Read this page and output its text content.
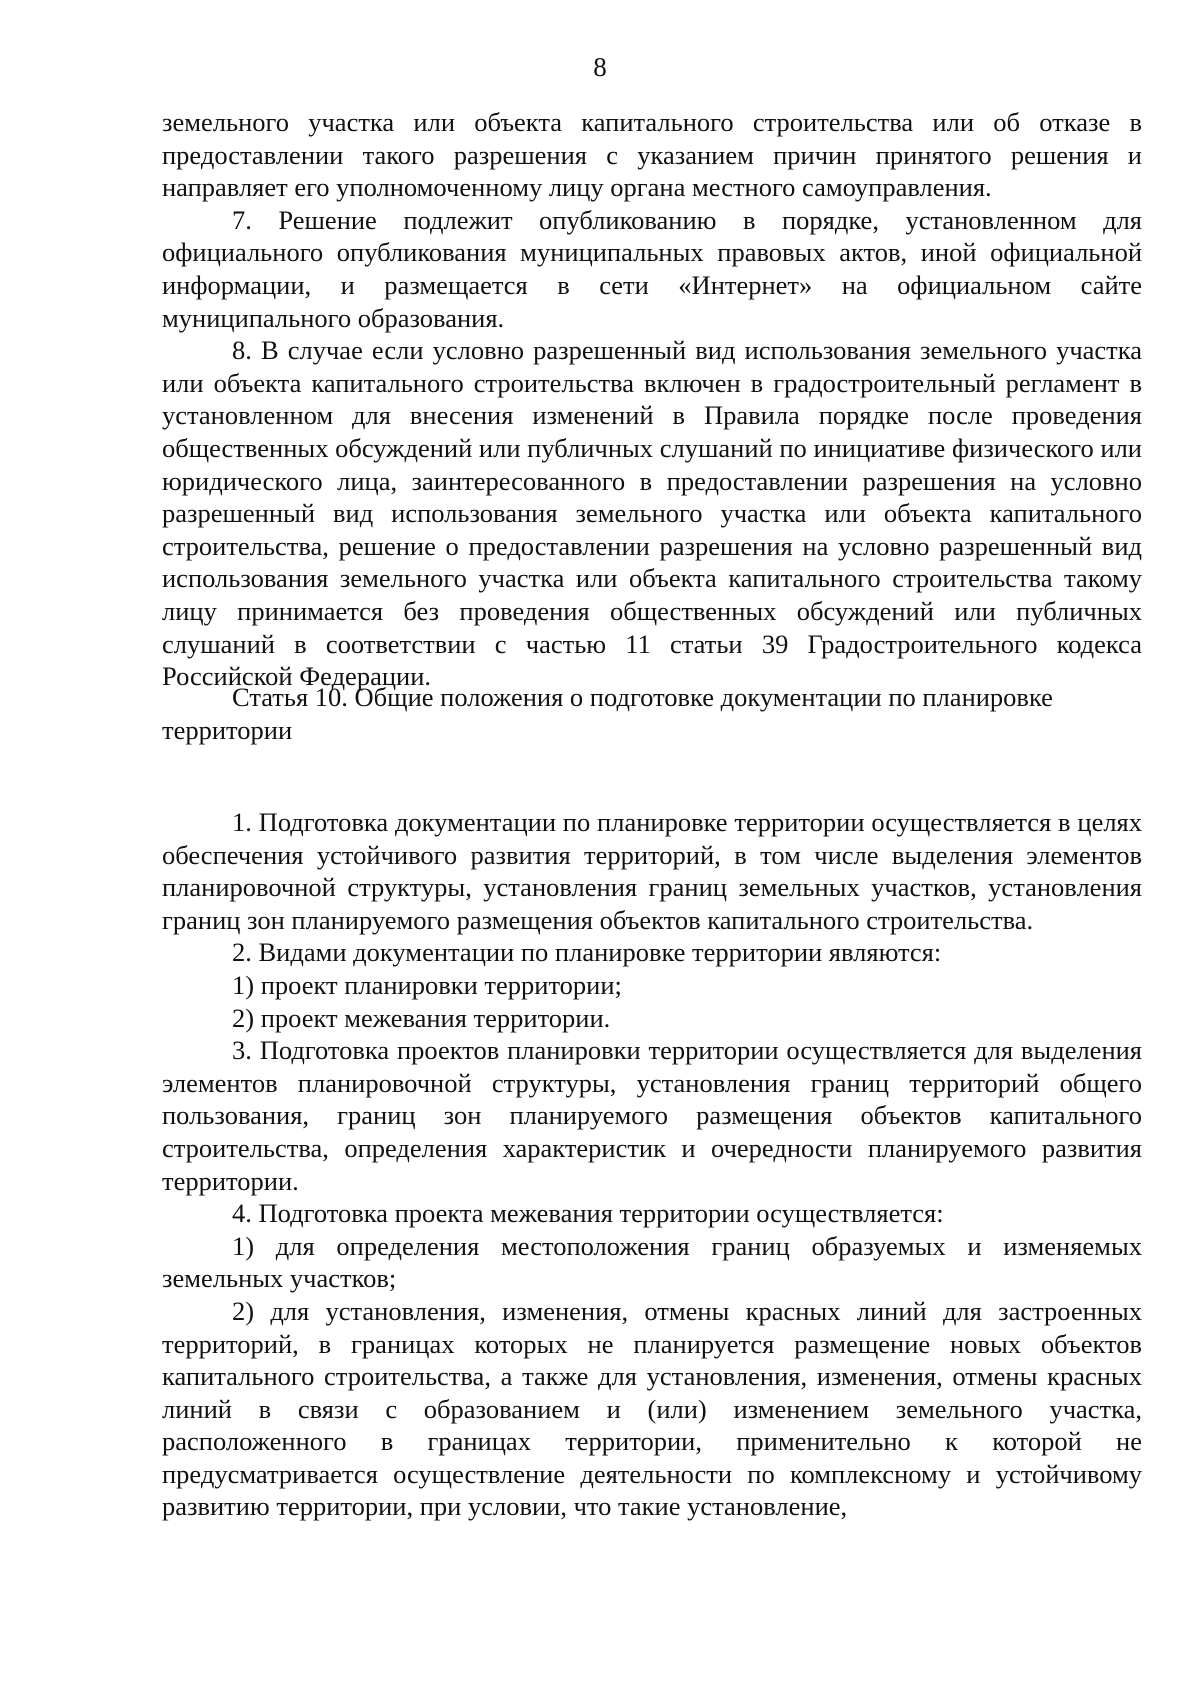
8

земельного участка или объекта капитального строительства или об отказе в предоставлении такого разрешения с указанием причин принятого решения и направляет его уполномоченному лицу органа местного самоуправления.

7. Решение подлежит опубликованию в порядке, установленном для официального опубликования муниципальных правовых актов, иной официальной информации, и размещается в сети «Интернет» на официальном сайте муниципального образования.

8. В случае если условно разрешенный вид использования земельного участка или объекта капитального строительства включен в градостроительный регламент в установленном для внесения изменений в Правила порядке после проведения общественных обсуждений или публичных слушаний по инициативе физического или юридического лица, заинтересованного в предоставлении разрешения на условно разрешенный вид использования земельного участка или объекта капитального строительства, решение о предоставлении разрешения на условно разрешенный вид использования земельного участка или объекта капитального строительства такому лицу принимается без проведения общественных обсуждений или публичных слушаний в соответствии с частью 11 статьи 39 Градостроительного кодекса Российской Федерации.

Статья 10. Общие положения о подготовке документации по планировке территории

1. Подготовка документации по планировке территории осуществляется в целях обеспечения устойчивого развития территорий, в том числе выделения элементов планировочной структуры, установления границ земельных участков, установления границ зон планируемого размещения объектов капитального строительства.

2. Видами документации по планировке территории являются:

1) проект планировки территории;

2) проект межевания территории.

3. Подготовка проектов планировки территории осуществляется для выделения элементов планировочной структуры, установления границ территорий общего пользования, границ зон планируемого размещения объектов капитального строительства, определения характеристик и очередности планируемого развития территории.

4. Подготовка проекта межевания территории осуществляется:

1) для определения местоположения границ образуемых и изменяемых земельных участков;

2) для установления, изменения, отмены красных линий для застроенных территорий, в границах которых не планируется размещение новых объектов капитального строительства, а также для установления, изменения, отмены красных линий в связи с образованием и (или) изменением земельного участка, расположенного в границах территории, применительно к которой не предусматривается осуществление деятельности по комплексному и устойчивому развитию территории, при условии, что такие установление,
